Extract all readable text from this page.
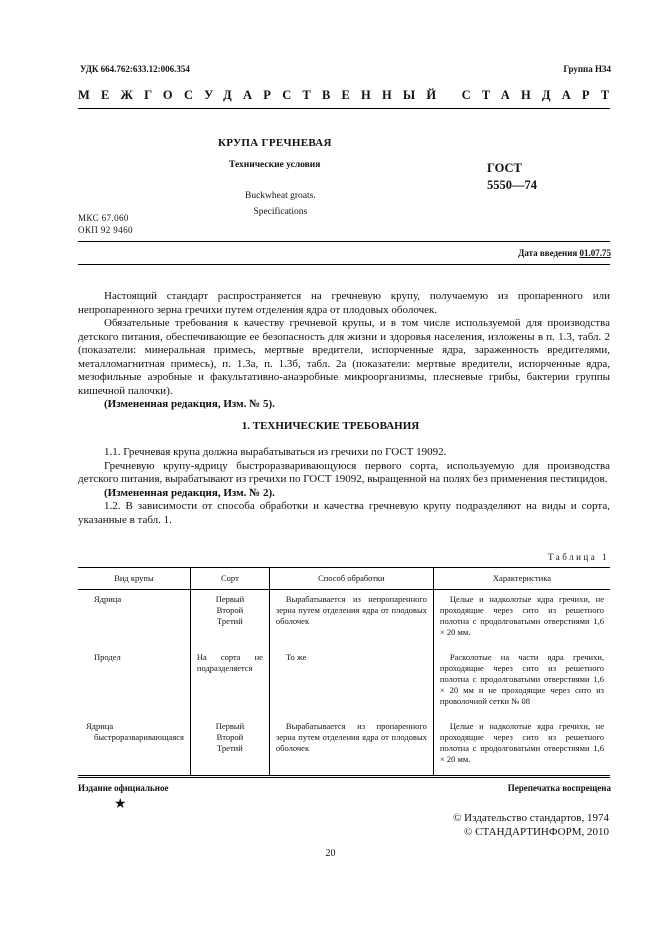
УДК 664.762:633.12:006.354	Группа Н34
МЕЖГОСУДАРСТВЕННЫЙ СТАНДАРТ
КРУПА ГРЕЧНЕВАЯ
Технические условия
Buckwheat groats.
Specifications
ГОСТ
5550—74
МКС 67.060
ОКП 92 9460
Дата введения 01.07.75
Настоящий стандарт распространяется на гречневую крупу, получаемую из пропаренного или непропаренного зерна гречихи путем отделения ядра от плодовых оболочек.
Обязательные требования к качеству гречневой крупы, и в том числе используемой для производства детского питания, обеспечивающие ее безопасность для жизни и здоровья населения, изложены в п. 1.3, табл. 2 (показатели: минеральная примесь, мертвые вредители, испорченные ядра, зараженность вредителями, металломагнитная примесь), п. 1.3а, п. 1.3б, табл. 2а (показатели: мертвые вредители, испорченные ядра, мезофильные аэробные и факультативно-анаэробные микроорганизмы, плесневые грибы, бактерии группы кишечной палочки).
(Измененная редакция, Изм. № 5).
1. ТЕХНИЧЕСКИЕ ТРЕБОВАНИЯ
1.1. Гречневая крупа должна вырабатываться из гречихи по ГОСТ 19092.
Гречневую крупу-ядрицу быстроразваривающуюся первого сорта, используемую для производства детского питания, вырабатывают из гречихи по ГОСТ 19092, выращенной на полях без применения пестицидов.
(Измененная редакция, Изм. № 2).
1.2. В зависимости от способа обработки и качества гречневую крупу подразделяют на виды и сорта, указанные в табл. 1.
Таблица 1
Вид крупы	Сорт	Способ обработки	Характеристика
Ядрица	Первый
Второй
Третий	Вырабатывается из непропаренного зерна путем отделения ядра от плодовых оболочек	Целые и надколотые ядра гречихи, не проходящие через сито из решетного полотна с продолговатыми отверстиями 1,6 × 20 мм.
Продел	На сорта не подразделяется	То же	Расколотые на части ядра гречихи, проходящие через сито из решетного полотна с продолговатыми отверстиями 1,6 × 20 мм и не проходящие через сито из проволочной сетки № 08
Ядрица быстроразваривающаяся	Первый
Второй
Третий	Вырабатывается из пропаренного зерна путем отделения ядра от плодовых оболочек	Целые и надколотые ядра гречихи, не проходящие через сито из решетного полотна с продолговатыми отверстиями 1,6 × 20 мм.
Издание официальное	Перепечатка воспрещена
★
© Издательство стандартов, 1974
© СТАНДАРТИНФОРМ, 2010
20
